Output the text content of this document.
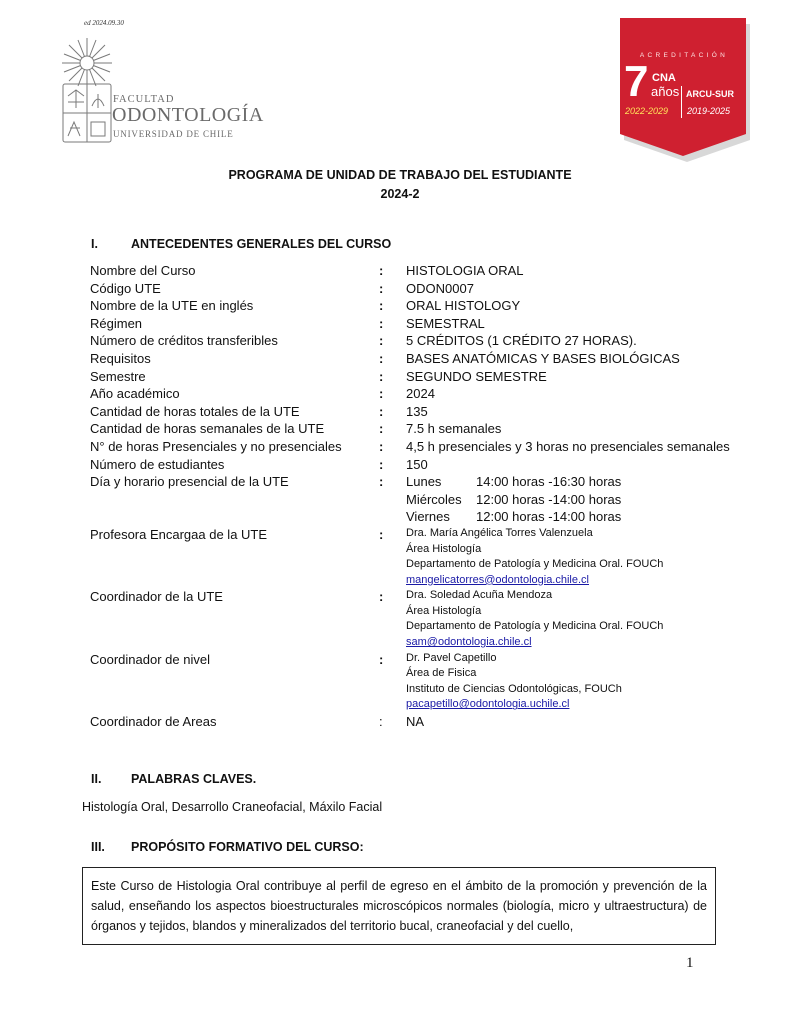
ed 2024.09.30
FACULTAD
ODONTOLOGÍA
UNIVERSIDAD DE CHILE
ACREDITACIÓN
7 CNA
años ARCU-SUR
2022-2029 2019-2025
PROGRAMA DE UNIDAD DE TRABAJO DEL ESTUDIANTE
2024-2
I.	ANTECEDENTES GENERALES DEL CURSO
Nombre del Curso	:	HISTOLOGIA ORAL
Código UTE	:	ODON0007
Nombre de la UTE en inglés	:	ORAL HISTOLOGY
Régimen	:	SEMESTRAL
Número de créditos transferibles	:	5 CRÉDITOS (1 CRÉDITO 27 HORAS).
Requisitos	:	BASES ANATÓMICAS Y BASES BIOLÓGICAS
Semestre	:	SEGUNDO SEMESTRE
Año académico	:	2024
Cantidad de horas totales de la UTE	:	135
Cantidad de horas semanales de la UTE	:	7.5 h semanales
N° de horas Presenciales y no presenciales	:	4,5 h presenciales y 3 horas no presenciales semanales
Número de estudiantes	:	150
Día y horario presencial de la UTE	:	Lunes	14:00 horas -16:30 horas
Miércoles	12:00 horas -14:00 horas
Viernes	12:00 horas -14:00 horas
Profesora Encargaa de la UTE	:	Dra. María Angélica Torres Valenzuela
Área Histología
Departamento de Patología y Medicina Oral. FOUCh
mangelicatorres@odontologia.chile.cl
Coordinador de la UTE	:	Dra. Soledad Acuña Mendoza
Área Histología
Departamento de Patología y Medicina Oral. FOUCh
sam@odontologia.chile.cl
Coordinador de nivel	:	Dr. Pavel Capetillo
Área de Fisica
Instituto de Ciencias Odontológicas, FOUCh
pacapetillo@odontologia.uchile.cl
Coordinador de Areas	:	NA
II. PALABRAS CLAVES.
Histología Oral, Desarrollo Craneofacial, Máxilo Facial
III. PROPÓSITO FORMATIVO DEL CURSO:
Este Curso de Histologia Oral contribuye al perfil de egreso en el ámbito de la promoción y prevención de la salud, enseñando los aspectos bioestructurales microscópicos normales (biología, micro y ultraestructura) de órganos y tejidos, blandos y mineralizados del territorio bucal, craneofacial y del cuello,
1
